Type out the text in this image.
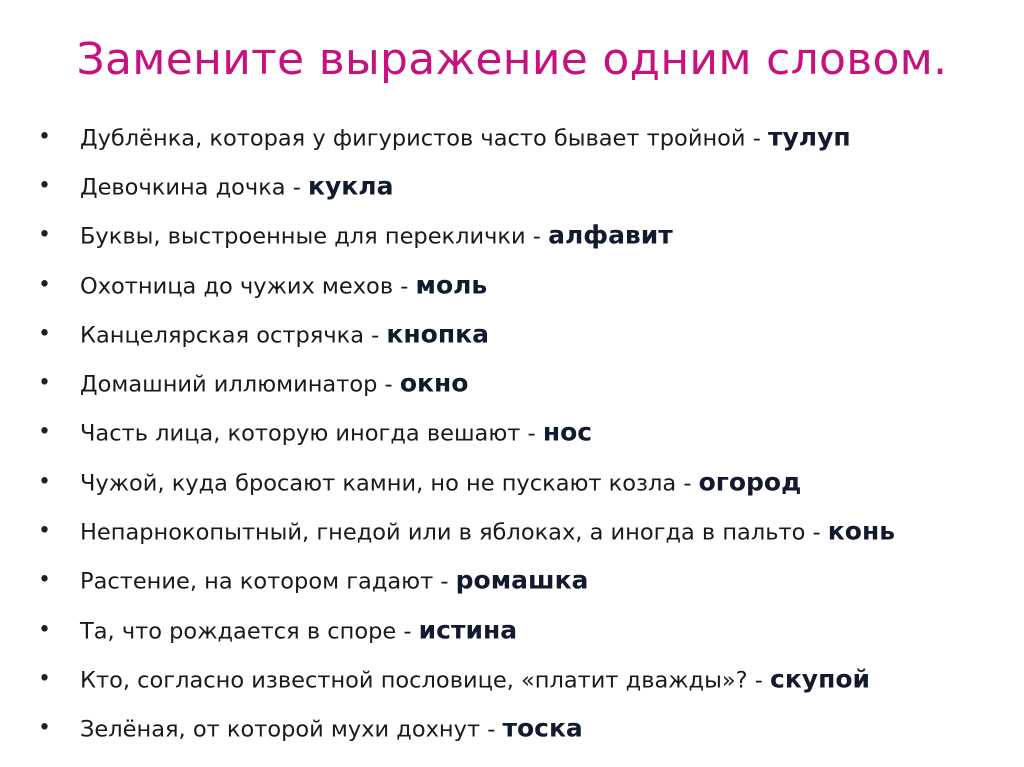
Замените выражение одним словом.
• Дублёнка, которая у фигуристов часто бывает тройной - тулуп
• Девочкина дочка - кукла
• Буквы, выстроенные для переклички - алфавит
• Охотница до чужих мехов - моль
• Канцелярская острячка - кнопка
• Домашний иллюминатор - окно
• Часть лица, которую иногда вешают - нос
• Чужой, куда бросают камни, но не пускают козла - огород
• Непарнокопытный, гнедой или в яблоках, а иногда в пальто - конь
• Растение, на котором гадают - ромашка
• Та, что рождается в споре - истина
• Кто, согласно известной пословице, «платит дважды»? - скупой
• Зелёная, от которой мухи дохнут - тоска
